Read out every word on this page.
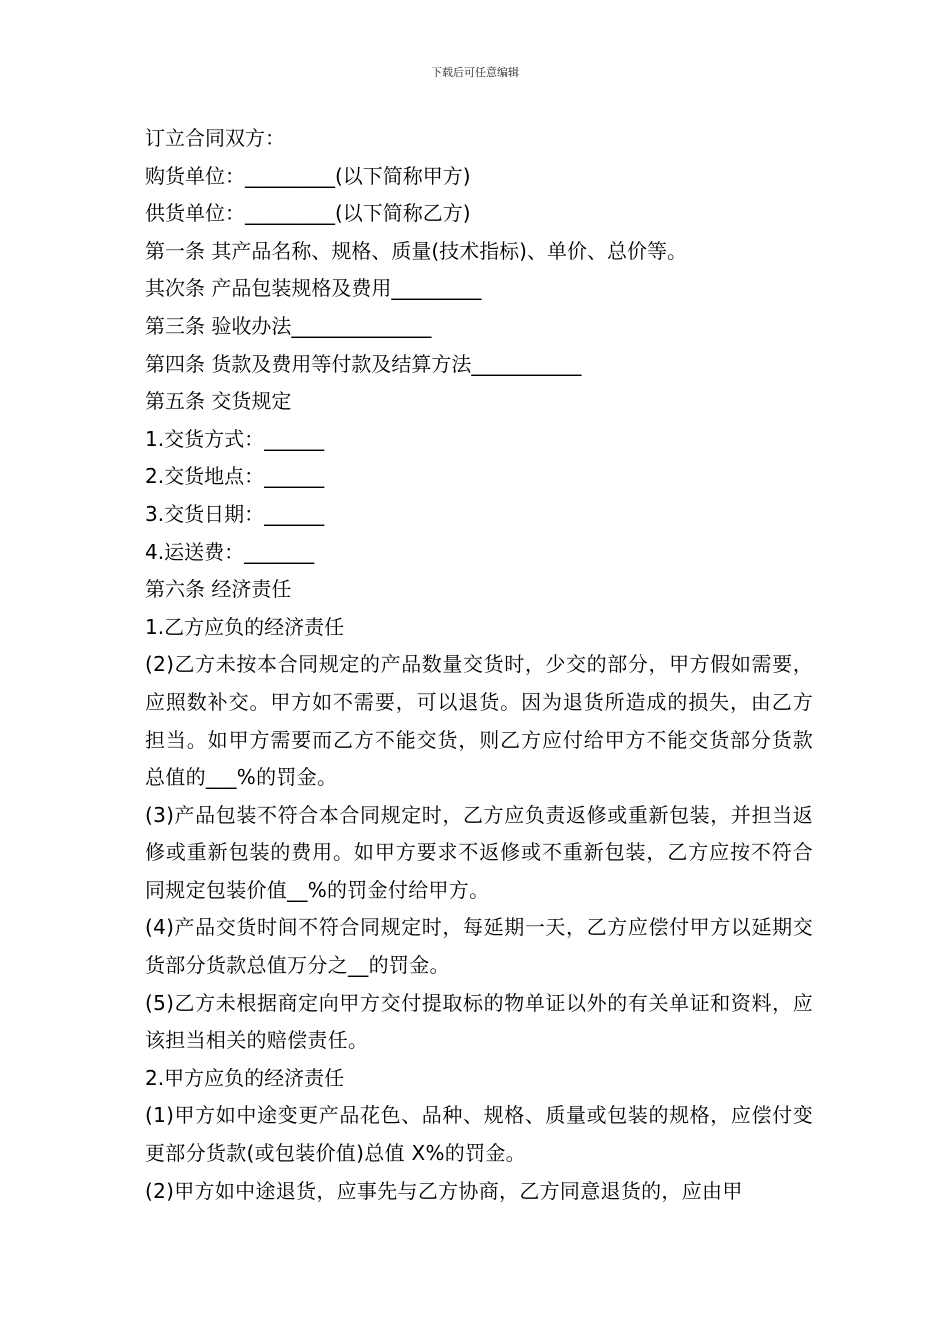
下载后可任意编辑
订立合同双方：
购货单位：_________(以下简称甲方)
供货单位：_________(以下简称乙方)
第一条 其产品名称、规格、质量(技术指标)、单价、总价等。
其次条 产品包装规格及费用_________
第三条 验收办法______________
第四条 货款及费用等付款及结算方法___________
第五条 交货规定
1.交货方式：______
2.交货地点：______
3.交货日期：______
4.运送费：_______
第六条 经济责任
1.乙方应负的经济责任
(2)乙方未按本合同规定的产品数量交货时，少交的部分，甲方假如需要，应照数补交。甲方如不需要，可以退货。因为退货所造成的损失，由乙方担当。如甲方需要而乙方不能交货，则乙方应付给甲方不能交货部分货款总值的___%的罚金。
(3)产品包装不符合本合同规定时，乙方应负责返修或重新包装，并担当返修或重新包装的费用。如甲方要求不返修或不重新包装，乙方应按不符合同规定包装价值__%的罚金付给甲方。
(4)产品交货时间不符合同规定时，每延期一天，乙方应偿付甲方以延期交货部分货款总值万分之__的罚金。
(5)乙方未根据商定向甲方交付提取标的物单证以外的有关单证和资料，应该担当相关的赔偿责任。
2.甲方应负的经济责任
(1)甲方如中途变更产品花色、品种、规格、质量或包装的规格，应偿付变更部分货款(或包装价值)总值 X%的罚金。
(2)甲方如中途退货，应事先与乙方协商，乙方同意退货的，应由甲
